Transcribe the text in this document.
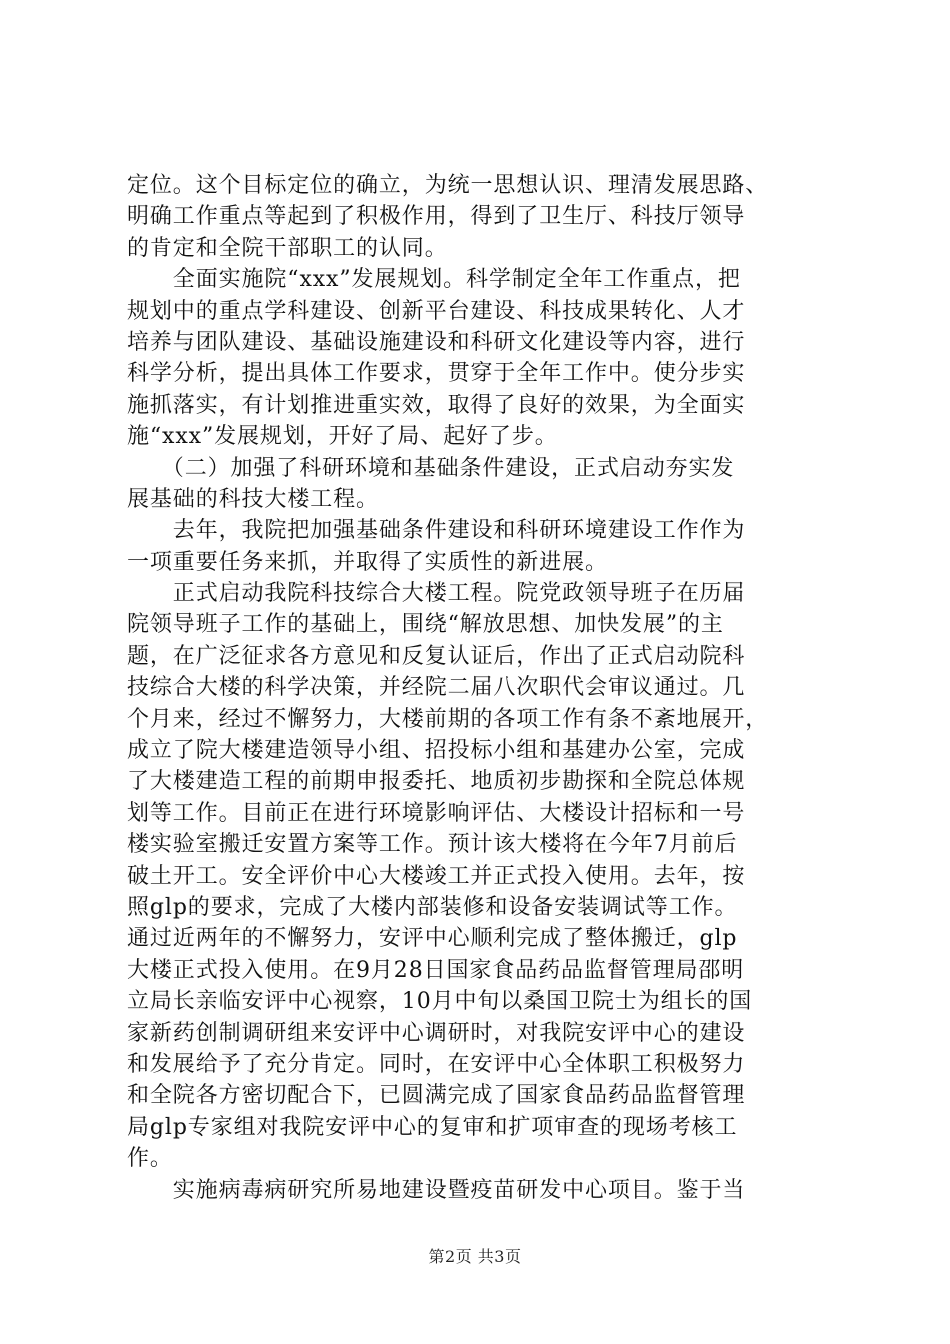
定位。这个目标定位的确立，为统一思想认识、理清发展思路、
明确工作重点等起到了积极作用，得到了卫生厅、科技厅领导
的肯定和全院干部职工的认同。
　　全面实施院“xxx”发展规划。科学制定全年工作重点，把
规划中的重点学科建设、创新平台建设、科技成果转化、人才
培养与团队建设、基础设施建设和科研文化建设等内容，进行
科学分析，提出具体工作要求，贯穿于全年工作中。使分步实
施抓落实，有计划推进重实效，取得了良好的效果，为全面实
施“xxx”发展规划，开好了局、起好了步。
　　（二）加强了科研环境和基础条件建设，正式启动夯实发
展基础的科技大楼工程。
　　去年，我院把加强基础条件建设和科研环境建设工作作为
一项重要任务来抓，并取得了实质性的新进展。
　　正式启动我院科技综合大楼工程。院党政领导班子在历届
院领导班子工作的基础上，围绕“解放思想、加快发展”的主
题，在广泛征求各方意见和反复认证后，作出了正式启动院科
技综合大楼的科学决策，并经院二届八次职代会审议通过。几
个月来，经过不懈努力，大楼前期的各项工作有条不紊地展开，
成立了院大楼建造领导小组、招投标小组和基建办公室，完成
了大楼建造工程的前期申报委托、地质初步勘探和全院总体规
划等工作。目前正在进行环境影响评估、大楼设计招标和一号
楼实验室搬迁安置方案等工作。预计该大楼将在今年7月前后
破土开工。安全评价中心大楼竣工并正式投入使用。去年，按
照glp的要求，完成了大楼内部装修和设备安装调试等工作。
通过近两年的不懈努力，安评中心顺利完成了整体搬迁，glp
大楼正式投入使用。在9月28日国家食品药品监督管理局邵明
立局长亲临安评中心视察，10月中旬以桑国卫院士为组长的国
家新药创制调研组来安评中心调研时，对我院安评中心的建设
和发展给予了充分肯定。同时，在安评中心全体职工积极努力
和全院各方密切配合下，已圆满完成了国家食品药品监督管理
局glp专家组对我院安评中心的复审和扩项审查的现场考核工
作。
　　实施病毒病研究所易地建设暨疫苗研发中心项目。鉴于当
第2页 共3页
